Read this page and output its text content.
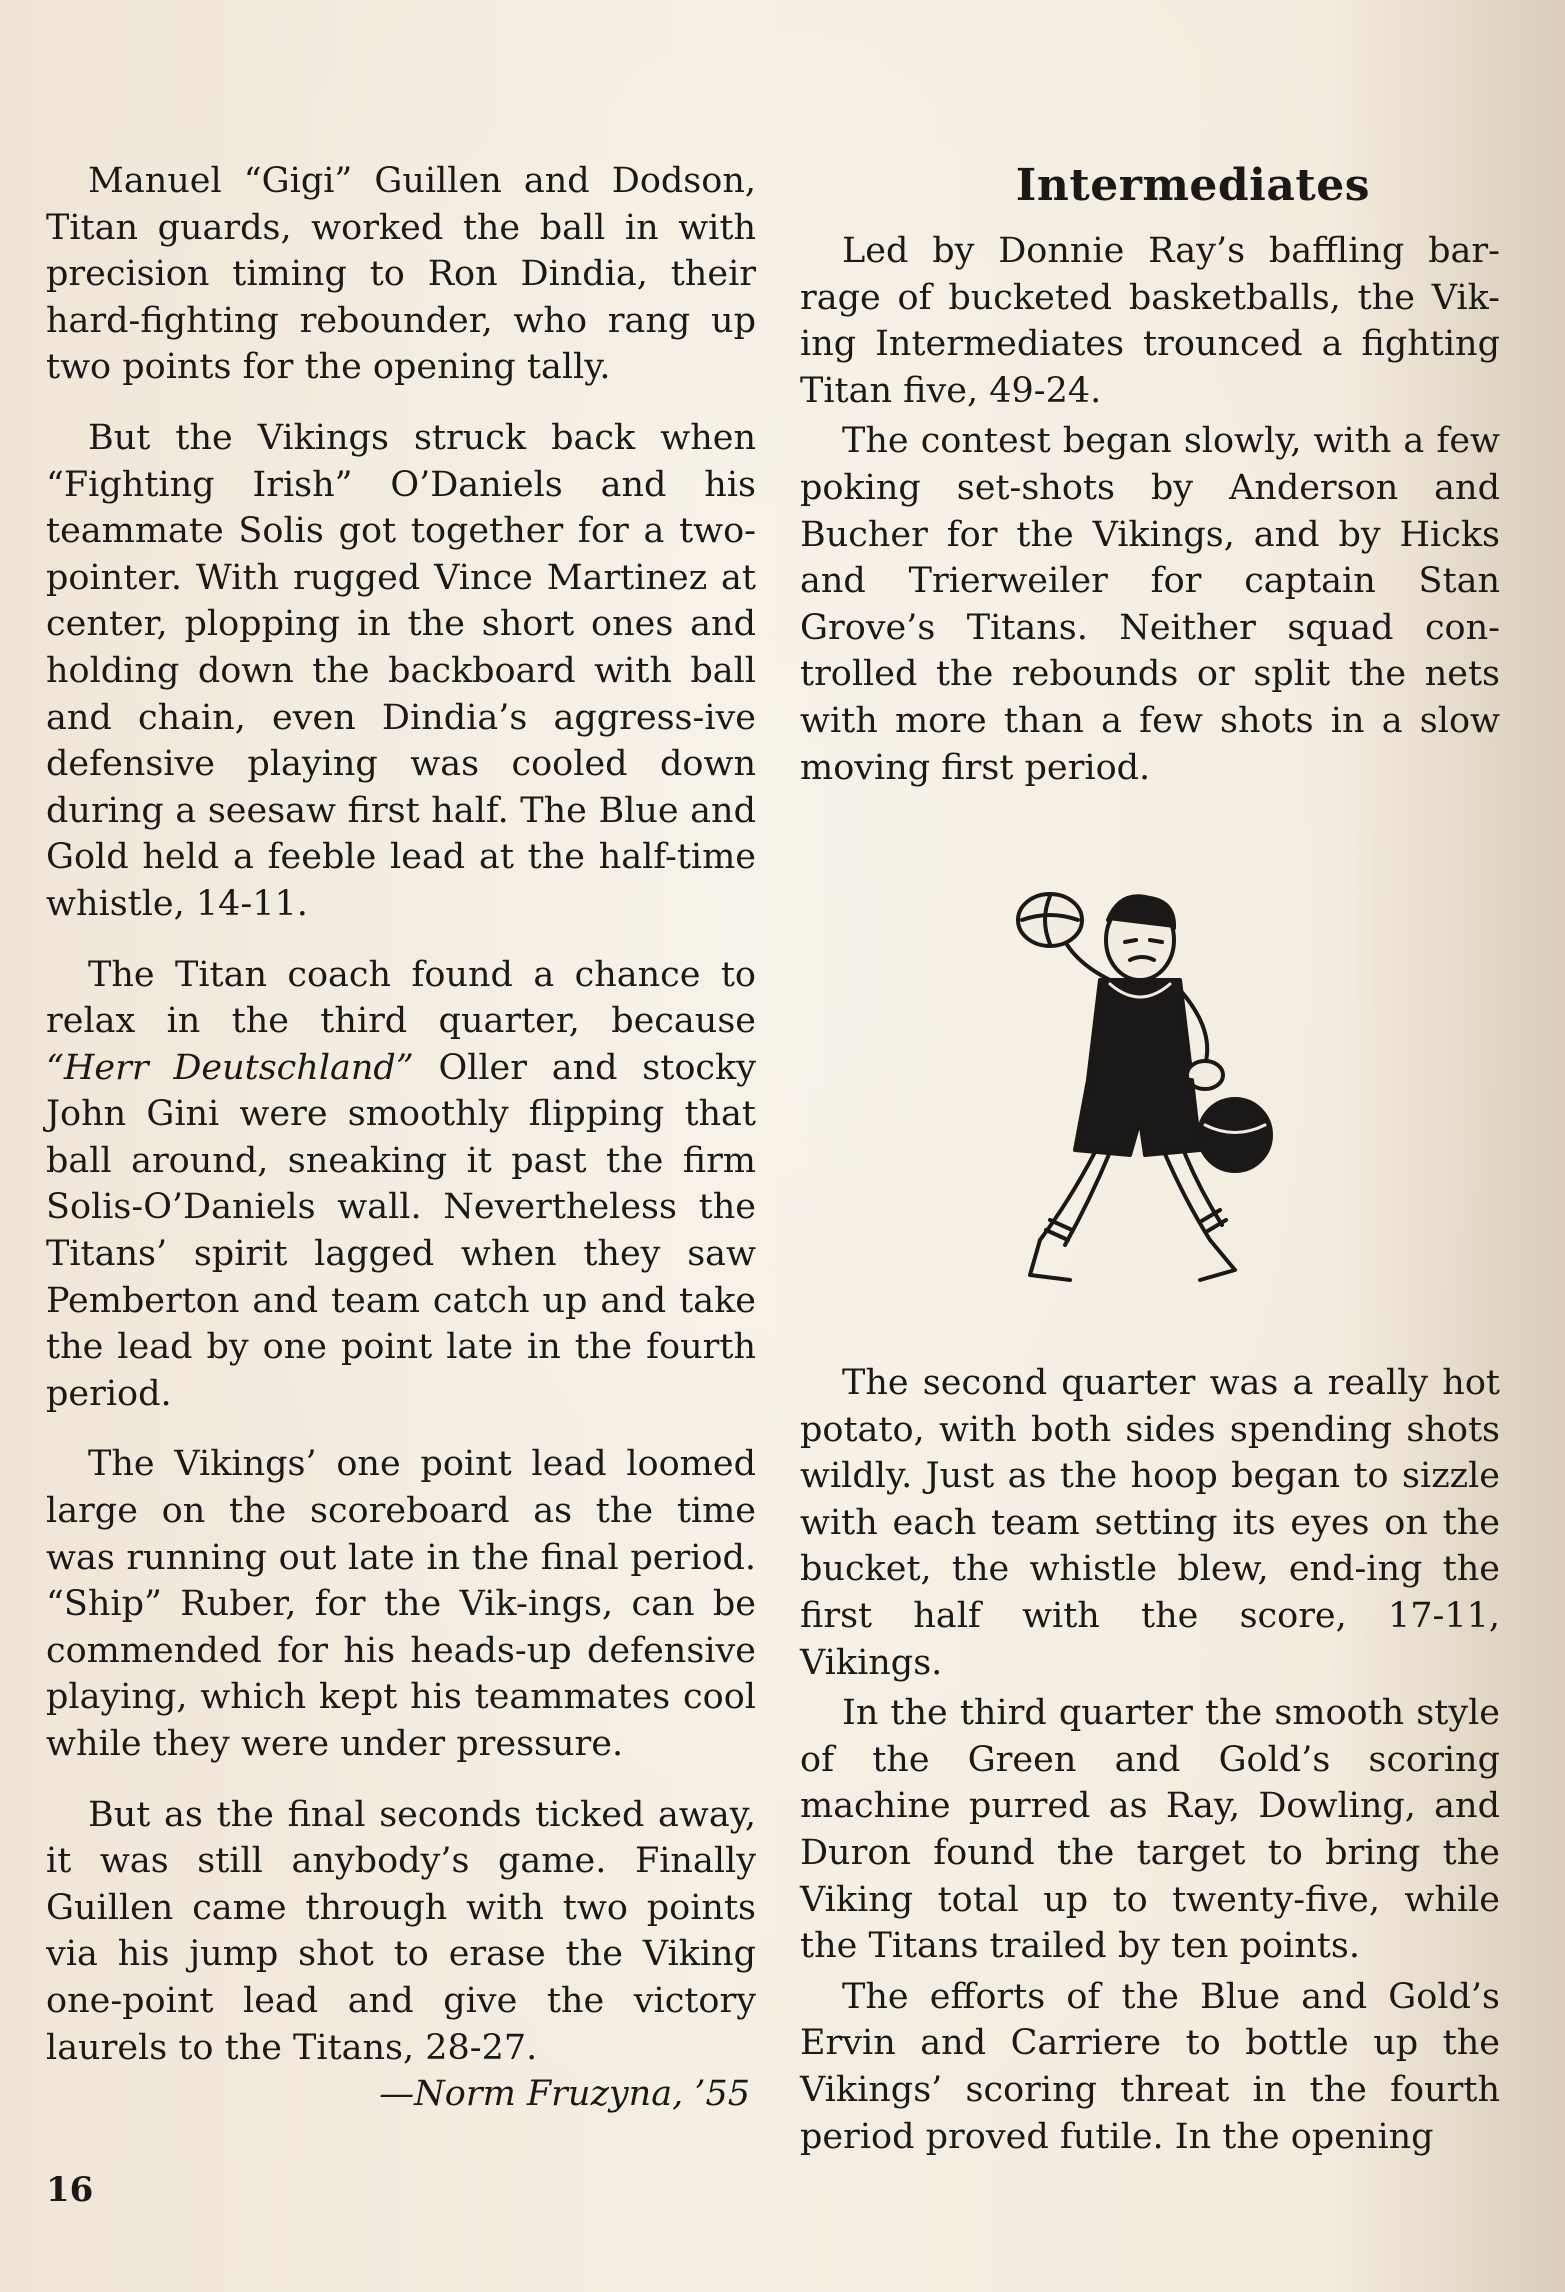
Manuel “Gigi” Guillen and Dodson, Titan guards, worked the ball in with precision timing to Ron Dindia, their hard-fighting rebounder, who rang up two points for the opening tally.

But the Vikings struck back when “Fighting Irish” O’Daniels and his teammate Solis got together for a two-pointer. With rugged Vince Martinez at center, plopping in the short ones and holding down the backboard with ball and chain, even Dindia’s aggress-ive defensive playing was cooled down during a seesaw first half. The Blue and Gold held a feeble lead at the half-time whistle, 14-11.

The Titan coach found a chance to relax in the third quarter, because “Herr Deutschland” Oller and stocky John Gini were smoothly flipping that ball around, sneaking it past the firm Solis-O’Daniels wall. Nevertheless the Titans’ spirit lagged when they saw Pemberton and team catch up and take the lead by one point late in the fourth period.

The Vikings’ one point lead loomed large on the scoreboard as the time was running out late in the final period. “Ship” Ruber, for the Vik-ings, can be commended for his heads-up defensive playing, which kept his teammates cool while they were under pressure.

But as the final seconds ticked away, it was still anybody’s game. Finally Guillen came through with two points via his jump shot to erase the Viking one-point lead and give the victory laurels to the Titans, 28-27.

—Norm Fruzyna, ’55

Intermediates

Led by Donnie Ray’s baffling bar-rage of bucketed basketballs, the Vik-ing Intermediates trounced a fighting Titan five, 49-24.

The contest began slowly, with a few poking set-shots by Anderson and Bucher for the Vikings, and by Hicks and Trierweiler for captain Stan Grove’s Titans. Neither squad con-trolled the rebounds or split the nets with more than a few shots in a slow moving first period.

The second quarter was a really hot potato, with both sides spending shots wildly. Just as the hoop began to sizzle with each team setting its eyes on the bucket, the whistle blew, end-ing the first half with the score, 17-11, Vikings.

In the third quarter the smooth style of the Green and Gold’s scoring machine purred as Ray, Dowling, and Duron found the target to bring the Viking total up to twenty-five, while the Titans trailed by ten points.

The efforts of the Blue and Gold’s Ervin and Carriere to bottle up the Vikings’ scoring threat in the fourth period proved futile. In the opening

16
